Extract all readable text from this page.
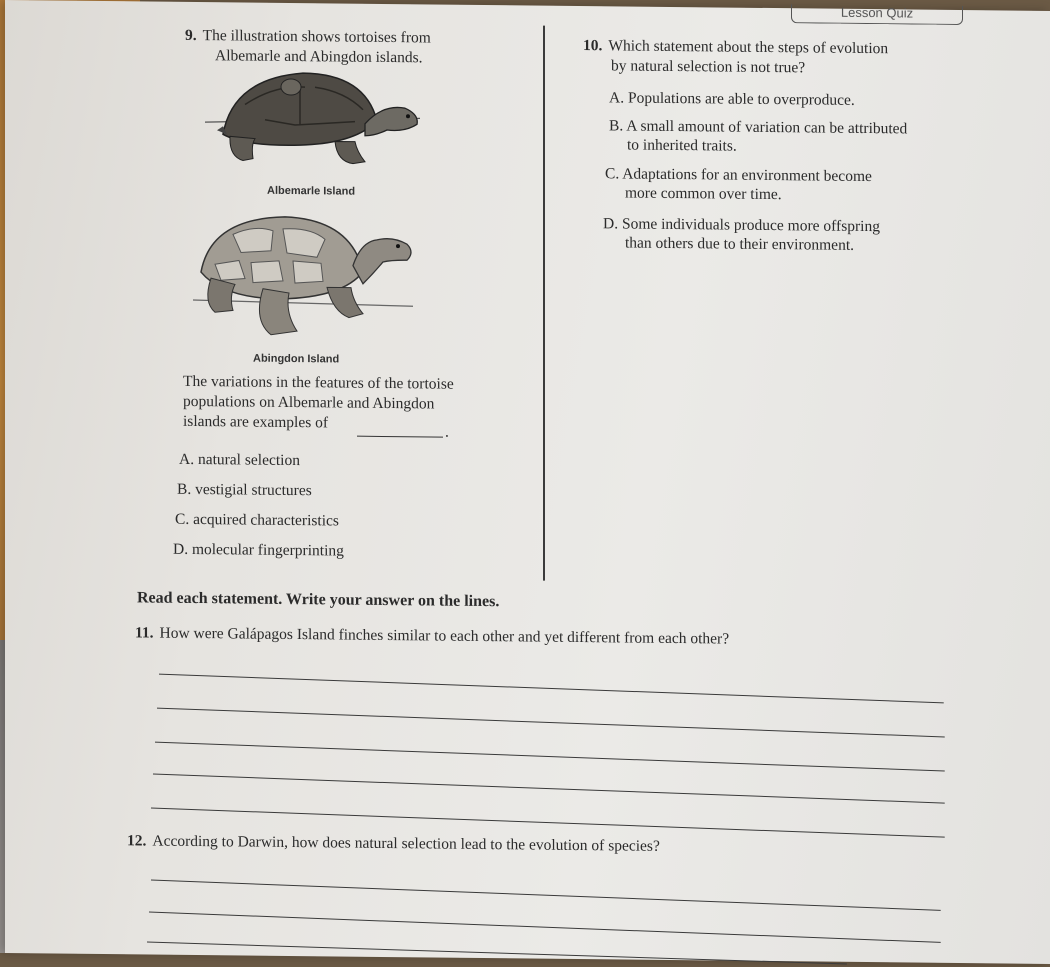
Lesson Quiz
9. The illustration shows tortoises from
Albemarle and Abingdon islands.
Albemarle Island
Abingdon Island
The variations in the features of the tortoise
populations on Albemarle and Abingdon
islands are examples of
.
A. natural selection
B. vestigial structures
C. acquired characteristics
D. molecular fingerprinting
10. Which statement about the steps of evolution
by natural selection is not true?
A. Populations are able to overproduce.
B. A small amount of variation can be attributed
to inherited traits.
C. Adaptations for an environment become
more common over time.
D. Some individuals produce more offspring
than others due to their environment.
Read each statement. Write your answer on the lines.
11. How were Galápagos Island finches similar to each other and yet different from each other?
12. According to Darwin, how does natural selection lead to the evolution of species?
